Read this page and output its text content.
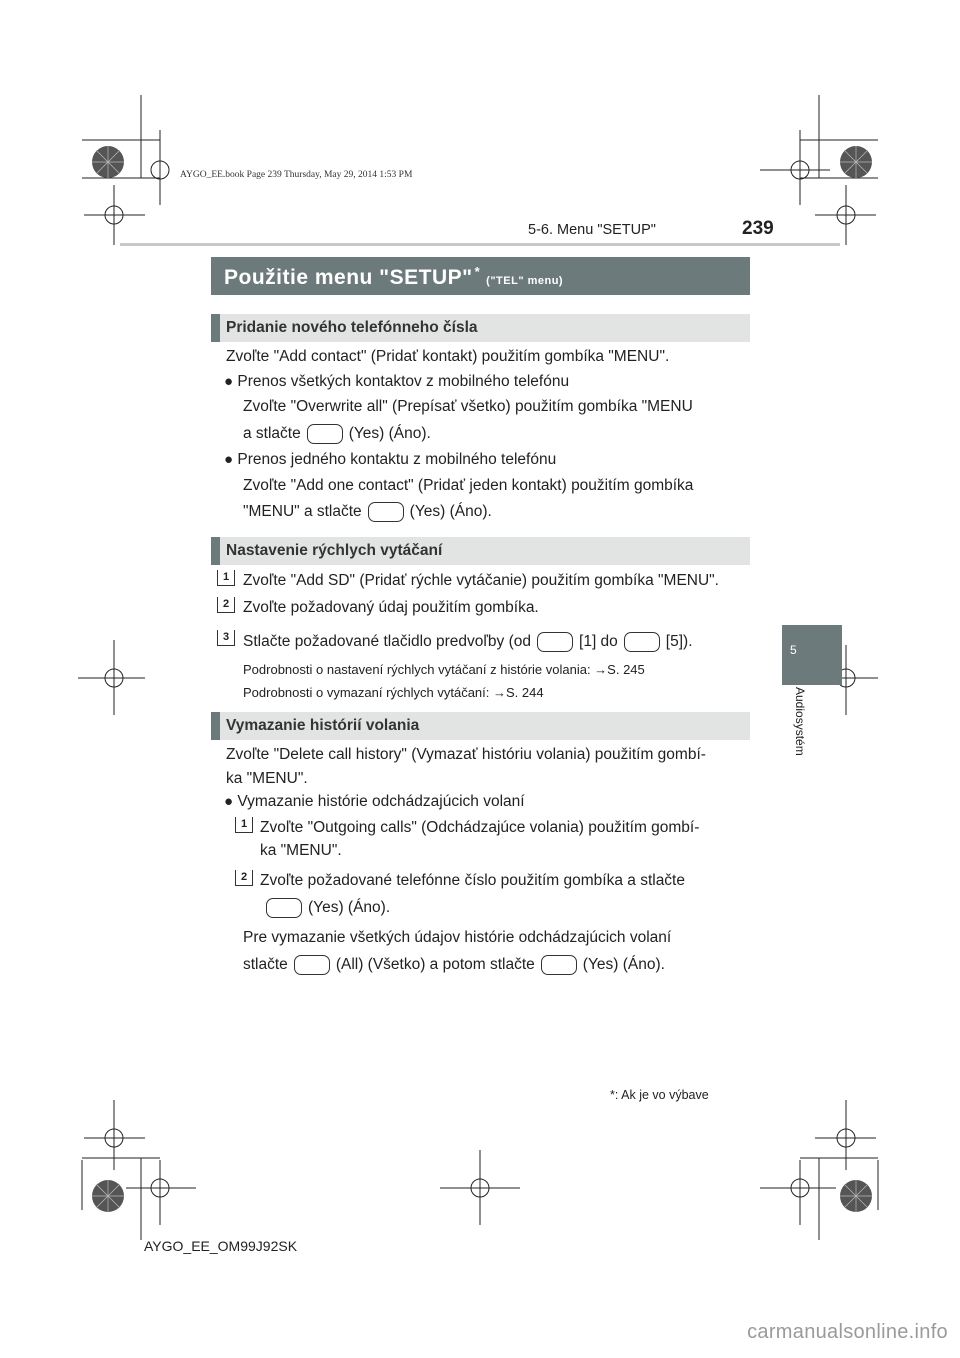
AYGO_EE.book Page 239 Thursday, May 29, 2014 1:53 PM
5-6. Menu "SETUP"	239
5
Audiosystém
Použitie menu "SETUP" *("TEL" menu)
Pridanie nového telefónneho čísla
Zvoľte "Add contact" (Pridať kontakt) použitím gombíka "MENU".
● Prenos všetkých kontaktov z mobilného telefónu
Zvoľte "Overwrite all" (Prepísať všetko) použitím gombíka "MENU
a stlačte	(Yes) (Áno).
● Prenos jedného kontaktu z mobilného telefónu
Zvoľte "Add one contact" (Pridať jeden kontakt) použitím gombíka
"MENU" a stlačte	(Yes) (Áno).
Nastavenie rýchlych vytáčaní
1 Zvoľte "Add SD" (Pridať rýchle vytáčanie) použitím gombíka "MENU".
2 Zvoľte požadovaný údaj použitím gombíka.
3 Stlačte požadované tlačidlo predvoľby (od	[1] do	[5]).
Podrobnosti o nastavení rýchlych vytáčaní z histórie volania: →S. 245
Podrobnosti o vymazaní rýchlych vytáčaní: →S. 244
Vymazanie histórií volania
Zvoľte "Delete call history" (Vymazať históriu volania) použitím gombí-
ka "MENU".
● Vymazanie histórie odchádzajúcich volaní
1 Zvoľte "Outgoing calls" (Odchádzajúce volania) použitím gombí-
ka "MENU".
2 Zvoľte požadované telefónne číslo použitím gombíka a stlačte
(Yes) (Áno).
Pre vymazanie všetkých údajov histórie odchádzajúcich volaní
stlačte	(All) (Všetko) a potom stlačte	(Yes) (Áno).
*: Ak je vo výbave
AYGO_EE_OM99J92SK
carmanualsonline.info
